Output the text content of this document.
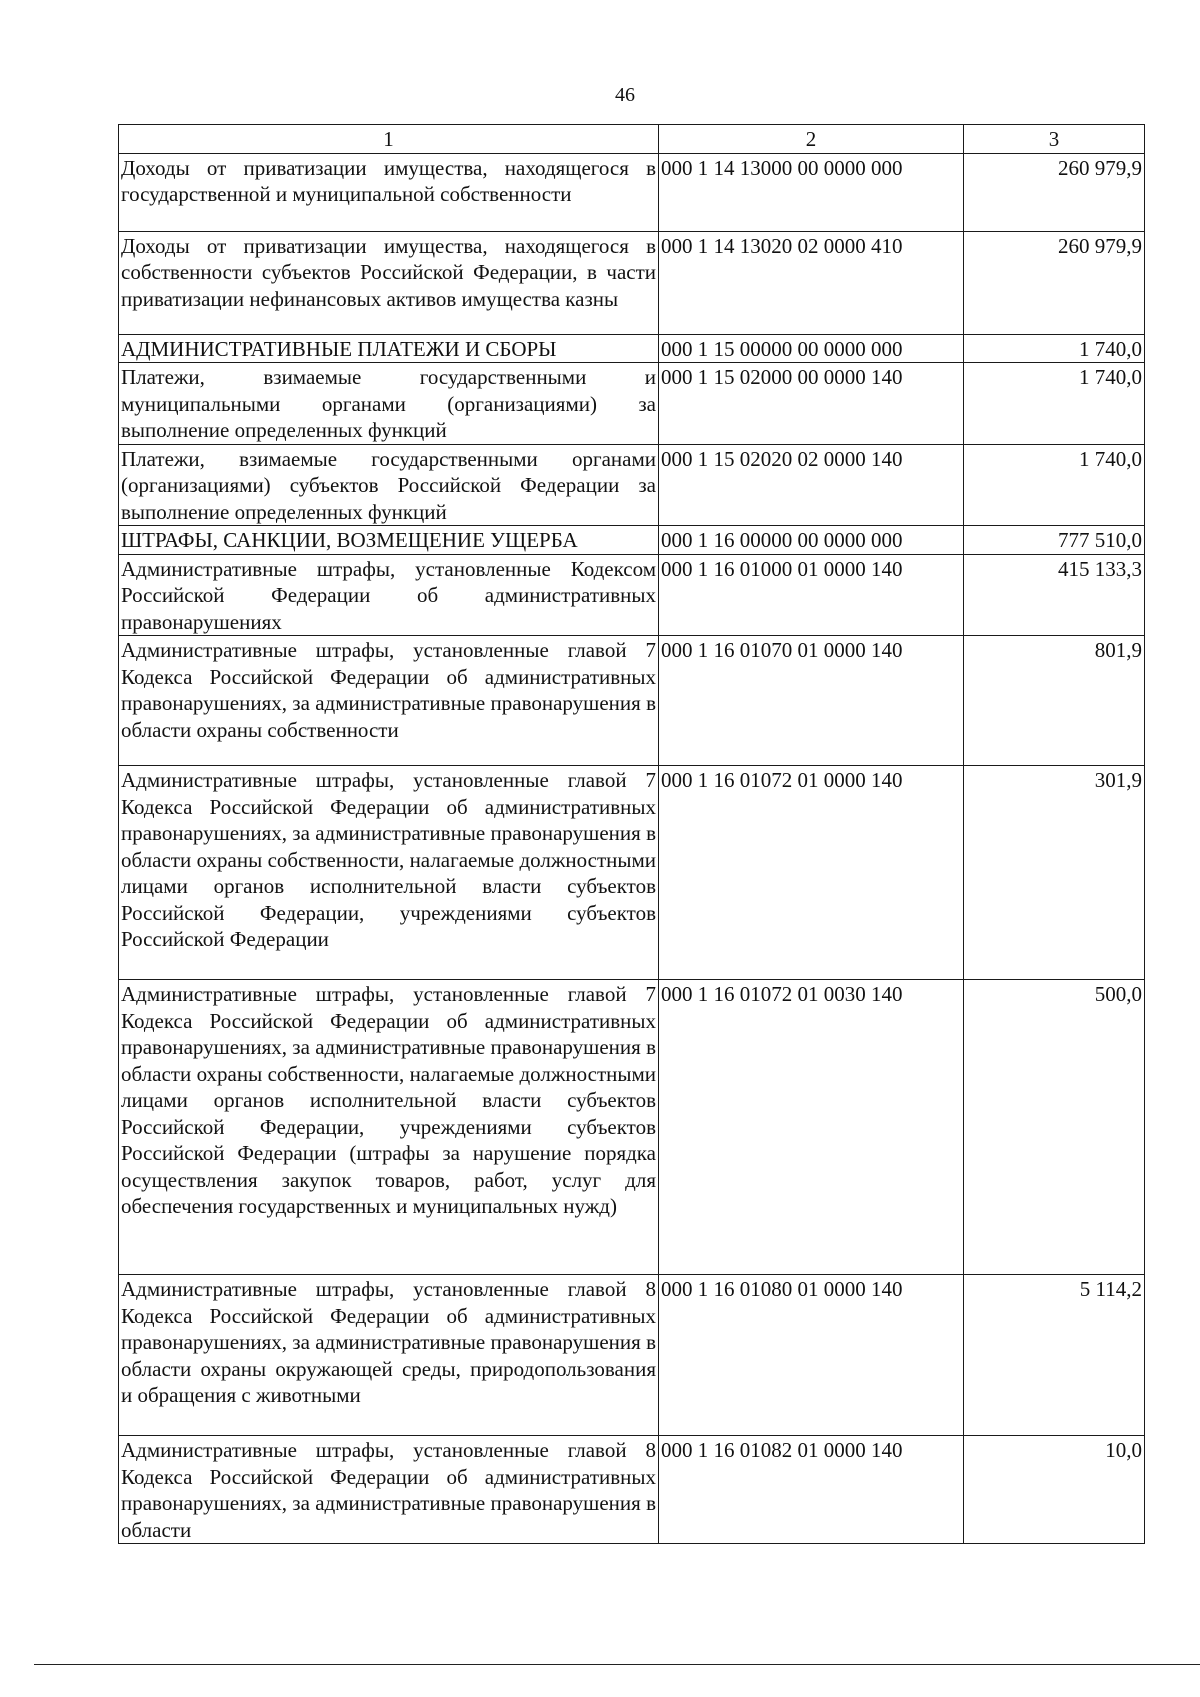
46
1	2	3
Доходы от приватизации имущества, находящегося в государственной и муниципальной собственности	000 1 14 13000 00 0000 000	260 979,9
Доходы от приватизации имущества, находящегося в собственности субъектов Российской Федерации, в части приватизации нефинансовых активов имущества казны	000 1 14 13020 02 0000 410	260 979,9
АДМИНИСТРАТИВНЫЕ ПЛАТЕЖИ И СБОРЫ	000 1 15 00000 00 0000 000	1 740,0
Платежи, взимаемые государственными и муниципальными органами (организациями) за выполнение определенных функций	000 1 15 02000 00 0000 140	1 740,0
Платежи, взимаемые государственными органами (организациями) субъектов Российской Федерации за выполнение определенных функций	000 1 15 02020 02 0000 140	1 740,0
ШТРАФЫ, САНКЦИИ, ВОЗМЕЩЕНИЕ УЩЕРБА	000 1 16 00000 00 0000 000	777 510,0
Административные штрафы, установленные Кодексом Российской Федерации об административных правонарушениях	000 1 16 01000 01 0000 140	415 133,3
Административные штрафы, установленные главой 7 Кодекса Российской Федерации об административных правонарушениях, за административные правонарушения в области охраны собственности	000 1 16 01070 01 0000 140	801,9
Административные штрафы, установленные главой 7 Кодекса Российской Федерации об административных правонарушениях, за административные правонарушения в области охраны собственности, налагаемые должностными лицами органов исполнительной власти субъектов Российской Федерации, учреждениями субъектов Российской Федерации	000 1 16 01072 01 0000 140	301,9
Административные штрафы, установленные главой 7 Кодекса Российской Федерации об административных правонарушениях, за административные правонарушения в области охраны собственности, налагаемые должностными лицами органов исполнительной власти субъектов Российской Федерации, учреждениями субъектов Российской Федерации (штрафы за нарушение порядка осуществления закупок товаров, работ, услуг для обеспечения государственных и муниципальных нужд)	000 1 16 01072 01 0030 140	500,0
Административные штрафы, установленные главой 8 Кодекса Российской Федерации об административных правонарушениях, за административные правонарушения в области охраны окружающей среды, природопользования и обращения с животными	000 1 16 01080 01 0000 140	5 114,2
Административные штрафы, установленные главой 8 Кодекса Российской Федерации об административных правонарушениях, за административные правонарушения в области	000 1 16 01082 01 0000 140	10,0
